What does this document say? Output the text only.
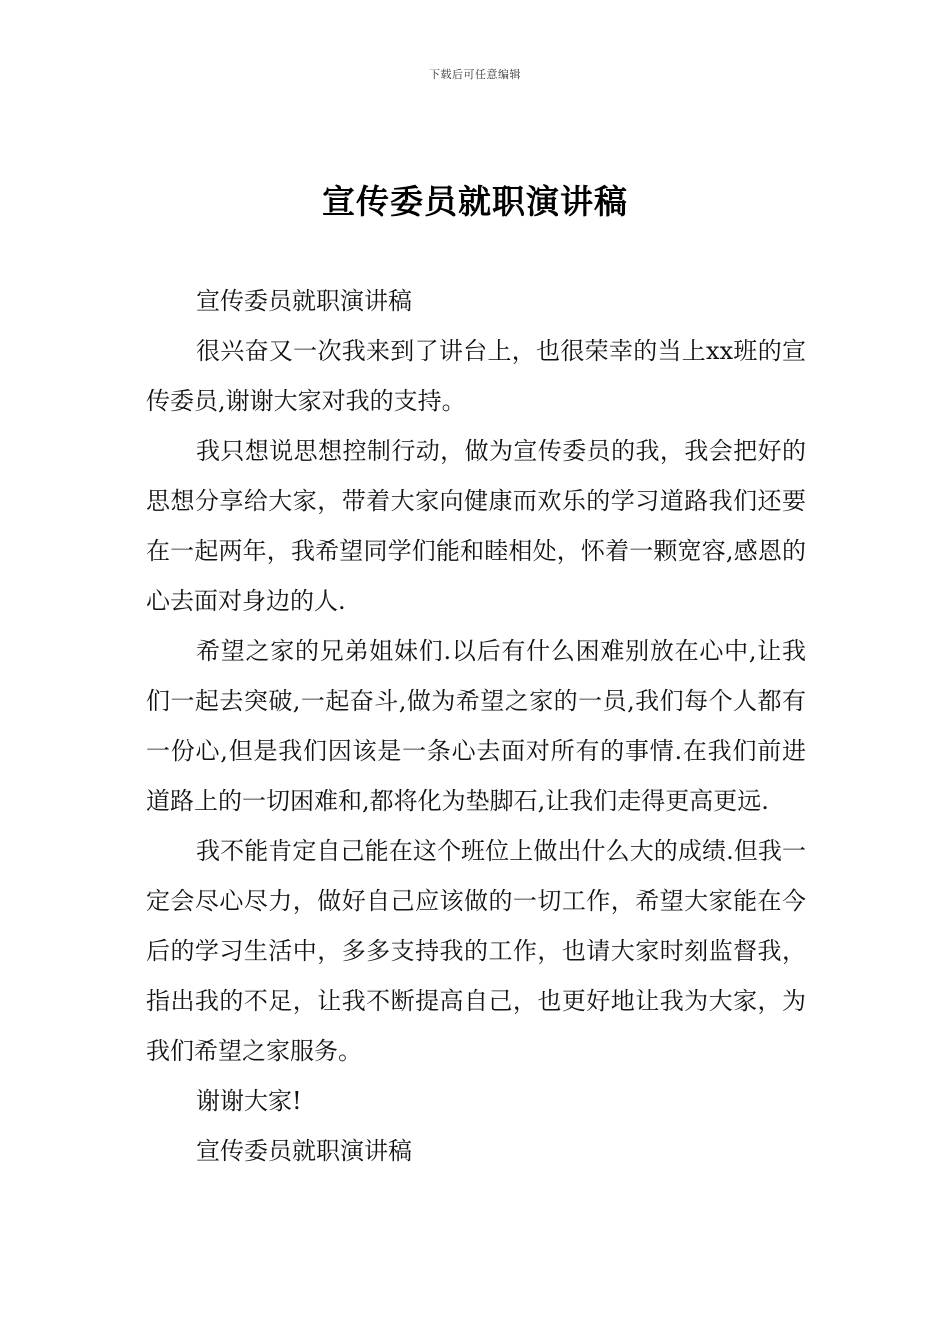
下载后可任意编辑
宣传委员就职演讲稿

宣传委员就职演讲稿

很兴奋又一次我来到了讲台上，也很荣幸的当上xx班的宣传委员,谢谢大家对我的支持。

我只想说思想控制行动，做为宣传委员的我，我会把好的思想分享给大家，带着大家向健康而欢乐的学习道路我们还要在一起两年，我希望同学们能和睦相处，怀着一颗宽容,感恩的心去面对身边的人.

希望之家的兄弟姐妹们.以后有什么困难别放在心中,让我们一起去突破,一起奋斗,做为希望之家的一员,我们每个人都有一份心,但是我们因该是一条心去面对所有的事情.在我们前进道路上的一切困难和,都将化为垫脚石,让我们走得更高更远.

我不能肯定自己能在这个班位上做出什么大的成绩.但我一定会尽心尽力，做好自己应该做的一切工作，希望大家能在今后的学习生活中，多多支持我的工作，也请大家时刻监督我，指出我的不足，让我不断提高自己，也更好地让我为大家，为我们希望之家服务。

谢谢大家!

宣传委员就职演讲稿
